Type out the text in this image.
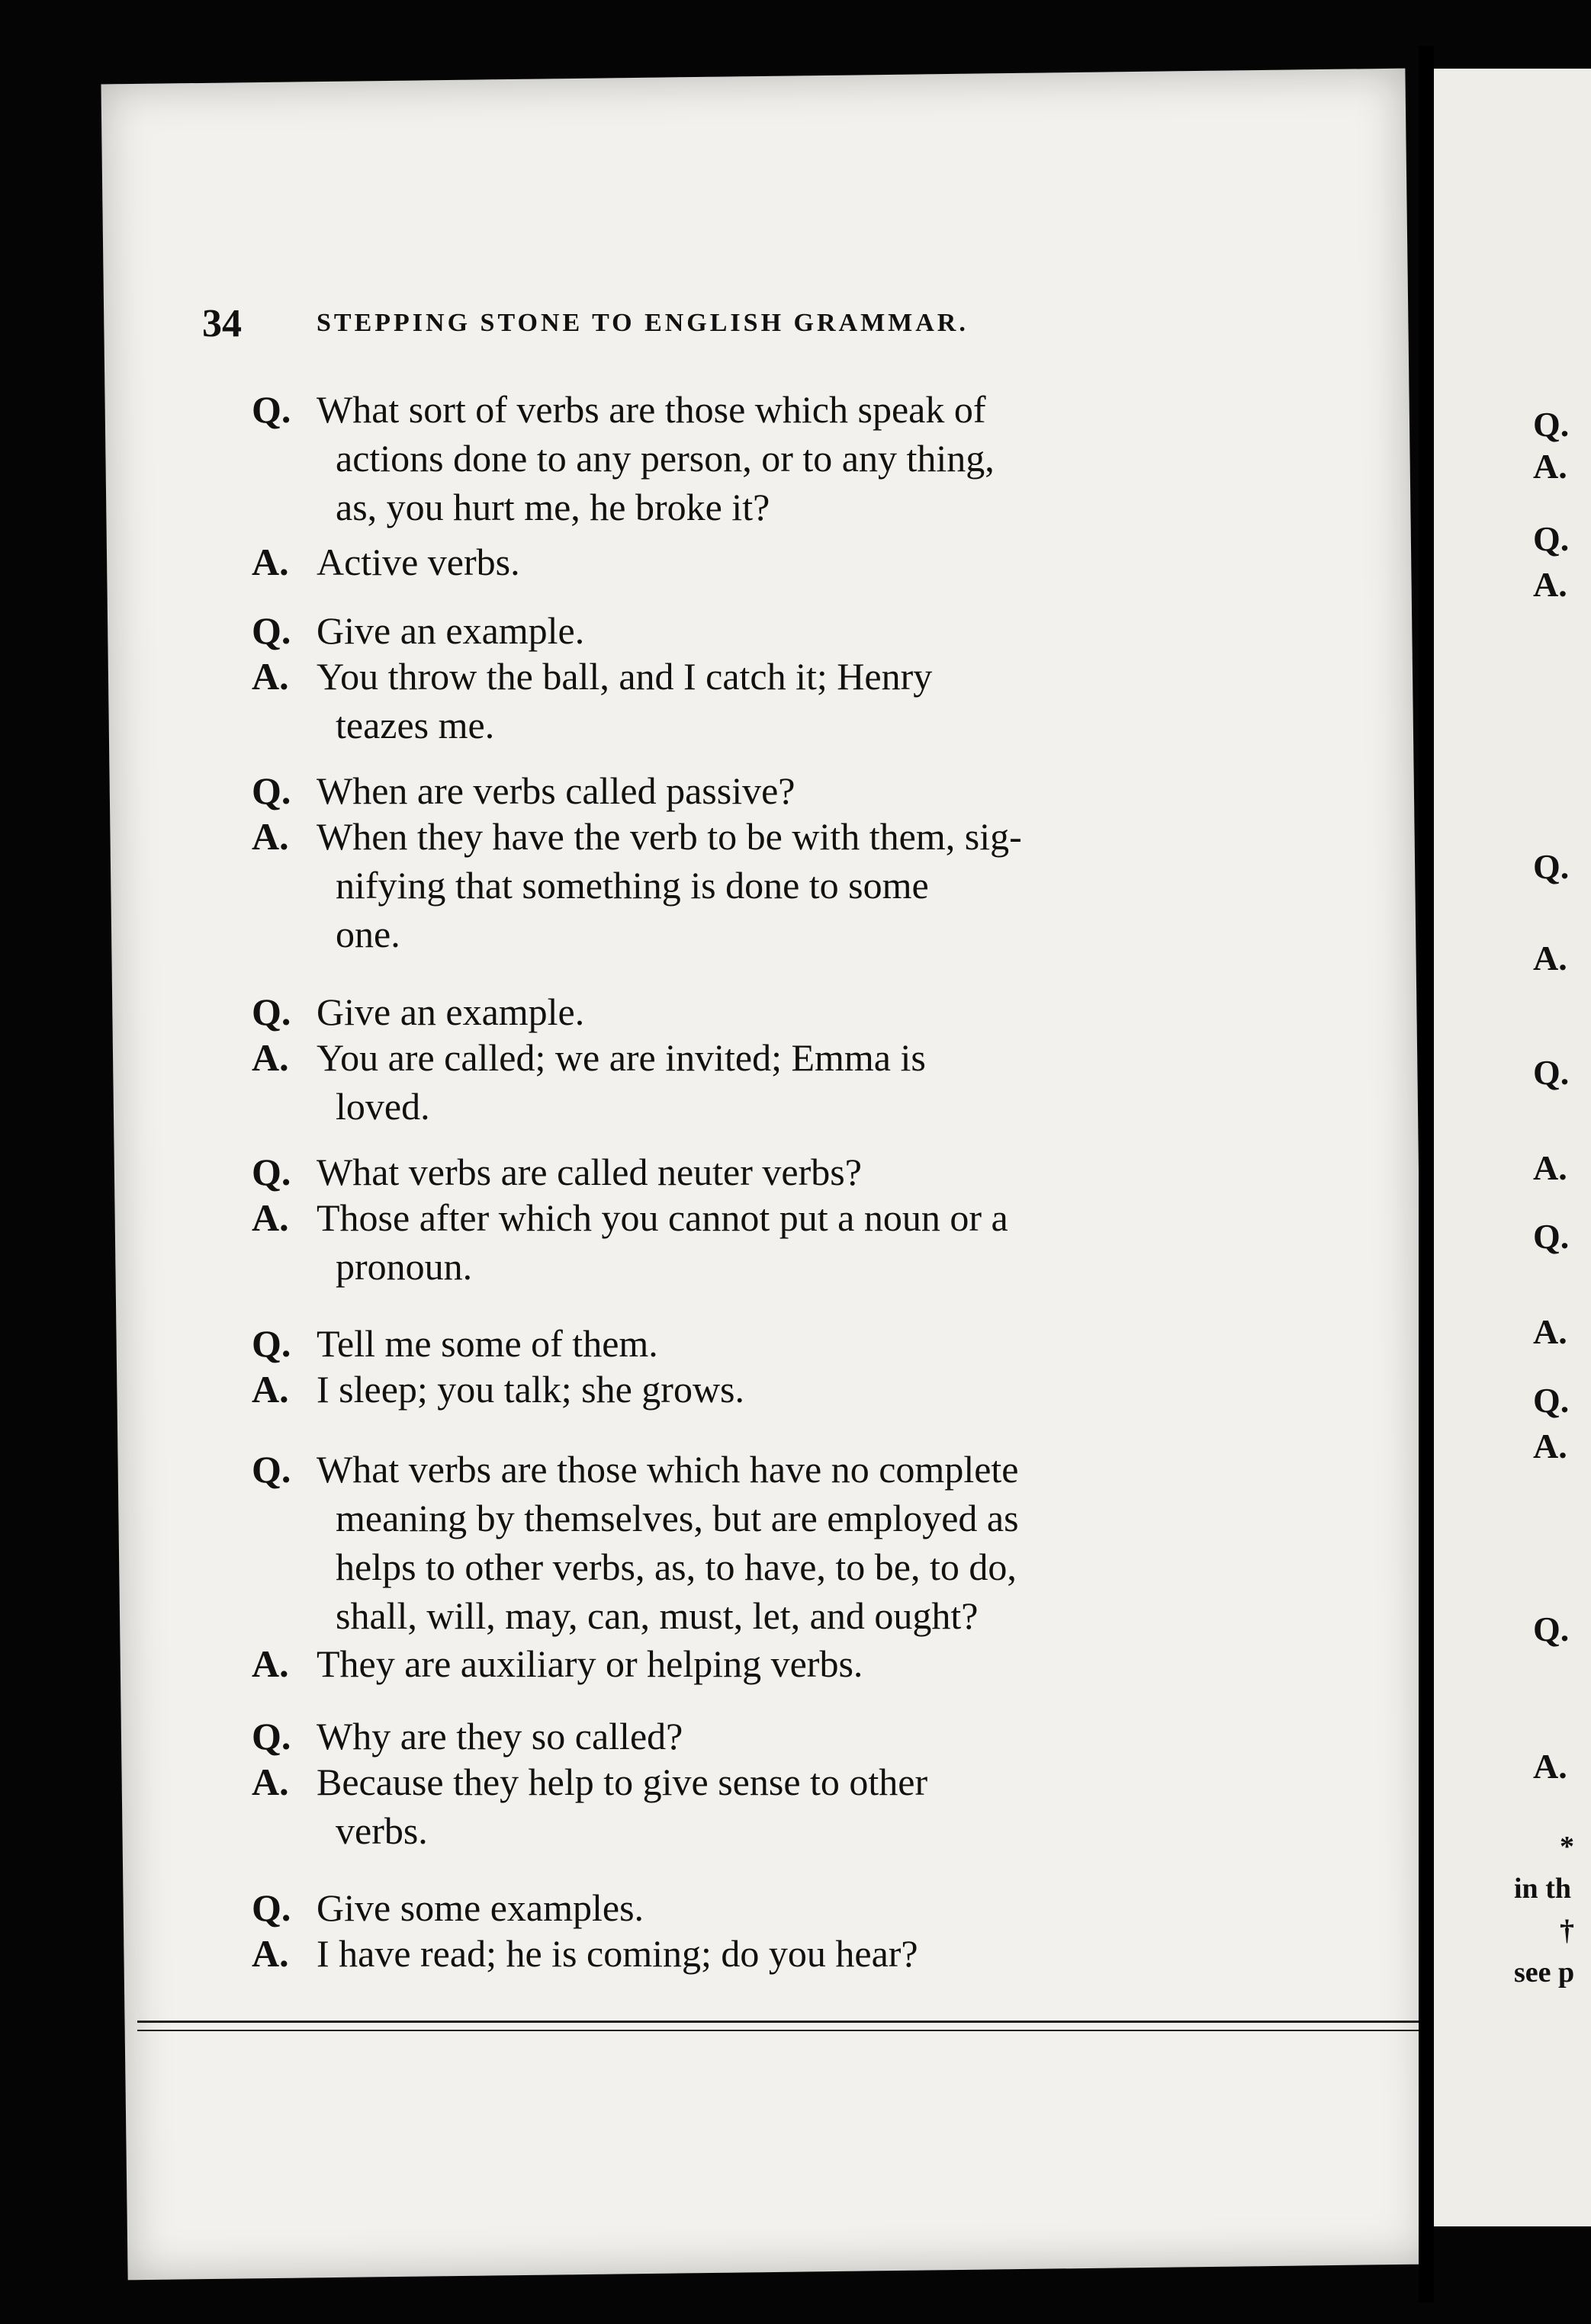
34	STEPPING STONE TO ENGLISH GRAMMAR.
Q. What sort of verbs are those which speak of
actions done to any person, or to any thing,
as, you hurt me, he broke it?
A. Active verbs.
Q. Give an example.
A. You throw the ball, and I catch it; Henry
teazes me.
Q. When are verbs called passive?
A. When they have the verb to be with them, sig-
nifying that something is done to some
one.
Q. Give an example.
A. You are called; we are invited; Emma is
loved.
Q. What verbs are called neuter verbs?
A. Those after which you cannot put a noun or a
pronoun.
Q. Tell me some of them.
A. I sleep; you talk; she grows.
Q. What verbs are those which have no complete
meaning by themselves, but are employed as
helps to other verbs, as, to have, to be, to do,
shall, will, may, can, must, let, and ought?
A. They are auxiliary or helping verbs.
Q. Why are they so called?
A. Because they help to give sense to other
verbs.
Q. Give some examples.
A. I have read; he is coming; do you hear?
Q.
A.
Q.
A.
Q.
A.
Q.
A.
Q.
A.
Q.
A.
Q.
A.
*
in th
†
see p
